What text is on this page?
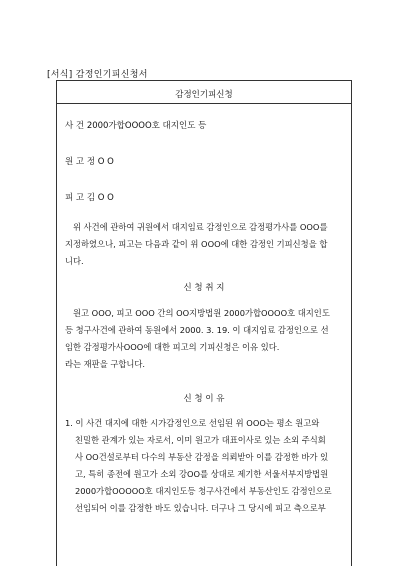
[서식] 감정인기피신청서
감정인기피신청
사 건 2000가합OOOO호 대지인도 등
원 고 정 O O
피 고 김 O O
위 사건에 관하여 귀원에서 대지임료 감정인으로 감정평가사를 OOO를
지정하였으나, 피고는 다음과 같이 위 OOO에 대한 감정인 기피신청을 합
니다.
신 청 취 지
원고 OOO, 피고 OOO 간의 OO지방법원 2000가합OOOO호 대지인도
등 청구사건에 관하여 동원에서 2000. 3. 19. 이 대지임료 감정인으로 선
임한 감정평가사OOO에 대한 피고의 기피신청은 이유 있다.
라는 재판을 구합니다.
신 청 이 유
1. 이 사건 대지에 대한 시가감정인으로 선임된 위 OOO는 평소 원고와
친밀한 관계가 있는 자로서, 이미 원고가 대표이사로 있는 소외 주식회
사 OO건설로부터 다수의 부동산 감정을 의뢰받아 이를 감정한 바가 있
고, 특히 종전에 원고가 소외 강OO를 상대로 제기한 서울서부지방법원
2000가합OOOOO호 대지인도등 청구사건에서 부동산인도 감정인으로
선임되어 이를 감정한 바도 있습니다. 더구나 그 당시에 피고 측으로부
